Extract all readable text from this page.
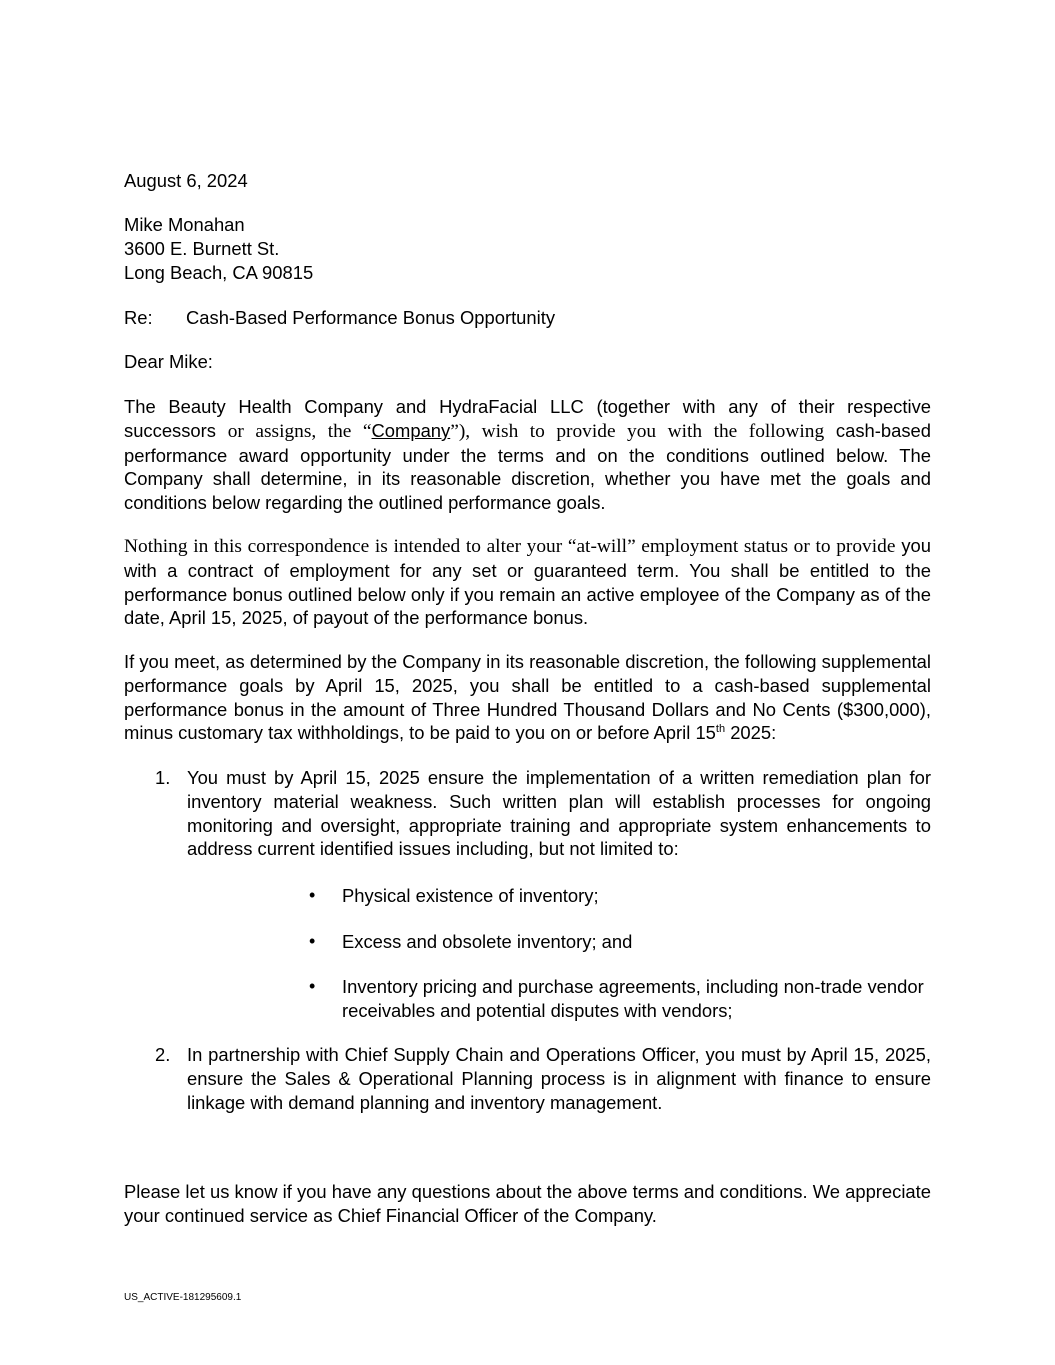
August 6, 2024
Mike Monahan
3600 E. Burnett St.
Long Beach, CA 90815
Re: Cash-Based Performance Bonus Opportunity
Dear Mike:
The Beauty Health Company and HydraFacial LLC (together with any of their respective successors or assigns, the “Company”), wish to provide you with the following cash-based performance award opportunity under the terms and on the conditions outlined below. The Company shall determine, in its reasonable discretion, whether you have met the goals and conditions below regarding the outlined performance goals.
Nothing in this correspondence is intended to alter your “at-will” employment status or to provide you with a contract of employment for any set or guaranteed term. You shall be entitled to the performance bonus outlined below only if you remain an active employee of the Company as of the date, April 15, 2025, of payout of the performance bonus.
If you meet, as determined by the Company in its reasonable discretion, the following supplemental performance goals by April 15, 2025, you shall be entitled to a cash-based supplemental performance bonus in the amount of Three Hundred Thousand Dollars and No Cents ($300,000), minus customary tax withholdings, to be paid to you on or before April 15th 2025:
1. You must by April 15, 2025 ensure the implementation of a written remediation plan for inventory material weakness. Such written plan will establish processes for ongoing monitoring and oversight, appropriate training and appropriate system enhancements to address current identified issues including, but not limited to:
• Physical existence of inventory;
• Excess and obsolete inventory; and
• Inventory pricing and purchase agreements, including non-trade vendor receivables and potential disputes with vendors;
2. In partnership with Chief Supply Chain and Operations Officer, you must by April 15, 2025, ensure the Sales & Operational Planning process is in alignment with finance to ensure linkage with demand planning and inventory management.
Please let us know if you have any questions about the above terms and conditions. We appreciate your continued service as Chief Financial Officer of the Company.
US_ACTIVE-181295609.1
